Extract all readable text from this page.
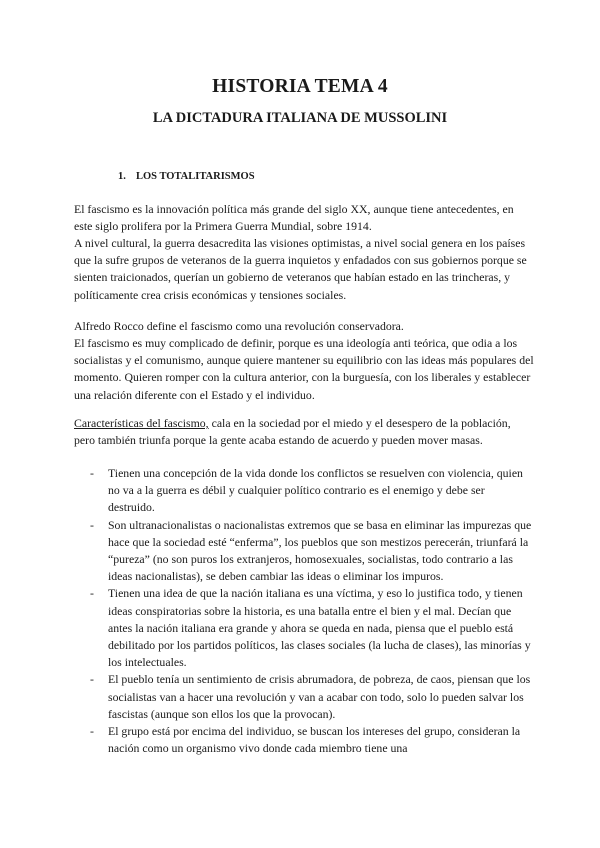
HISTORIA TEMA 4
LA DICTADURA ITALIANA DE MUSSOLINI
1. LOS TOTALITARISMOS

El fascismo es la innovación política más grande del siglo XX, aunque tiene antecedentes, en este siglo prolifera por la Primera Guerra Mundial, sobre 1914.

A nivel cultural, la guerra desacredita las visiones optimistas, a nivel social genera en los países que la sufre grupos de veteranos de la guerra inquietos y enfadados con sus gobiernos porque se sienten traicionados, querían un gobierno de veteranos que habían estado en las trincheras, y políticamente crea crisis económicas y tensiones sociales.

Alfredo Rocco define el fascismo como una revolución conservadora.

El fascismo es muy complicado de definir, porque es una ideología anti teórica, que odia a los socialistas y el comunismo, aunque quiere mantener su equilibrio con las ideas más populares del momento. Quieren romper con la cultura anterior, con la burguesía, con los liberales y establecer una relación diferente con el Estado y el individuo.

Características del fascismo, cala en la sociedad por el miedo y el desespero de la población, pero también triunfa porque la gente acaba estando de acuerdo y pueden mover masas.

- Tienen una concepción de la vida donde los conflictos se resuelven con violencia, quien no va a la guerra es débil y cualquier político contrario es el enemigo y debe ser destruido.
- Son ultranacionalistas o nacionalistas extremos que se basa en eliminar las impurezas que hace que la sociedad esté “enferma”, los pueblos que son mestizos perecerán, triunfará la “pureza” (no son puros los extranjeros, homosexuales, socialistas, todo contrario a las ideas nacionalistas), se deben cambiar las ideas o eliminar los impuros.
- Tienen una idea de que la nación italiana es una víctima, y eso lo justifica todo, y tienen ideas conspiratorias sobre la historia, es una batalla entre el bien y el mal. Decían que antes la nación italiana era grande y ahora se queda en nada, piensa que el pueblo está debilitado por los partidos políticos, las clases sociales (la lucha de clases), las minorías y los intelectuales.
- El pueblo tenía un sentimiento de crisis abrumadora, de pobreza, de caos, piensan que los socialistas van a hacer una revolución y van a acabar con todo, solo lo pueden salvar los fascistas (aunque son ellos los que la provocan).
- El grupo está por encima del individuo, se buscan los intereses del grupo, consideran la nación como un organismo vivo donde cada miembro tiene una
